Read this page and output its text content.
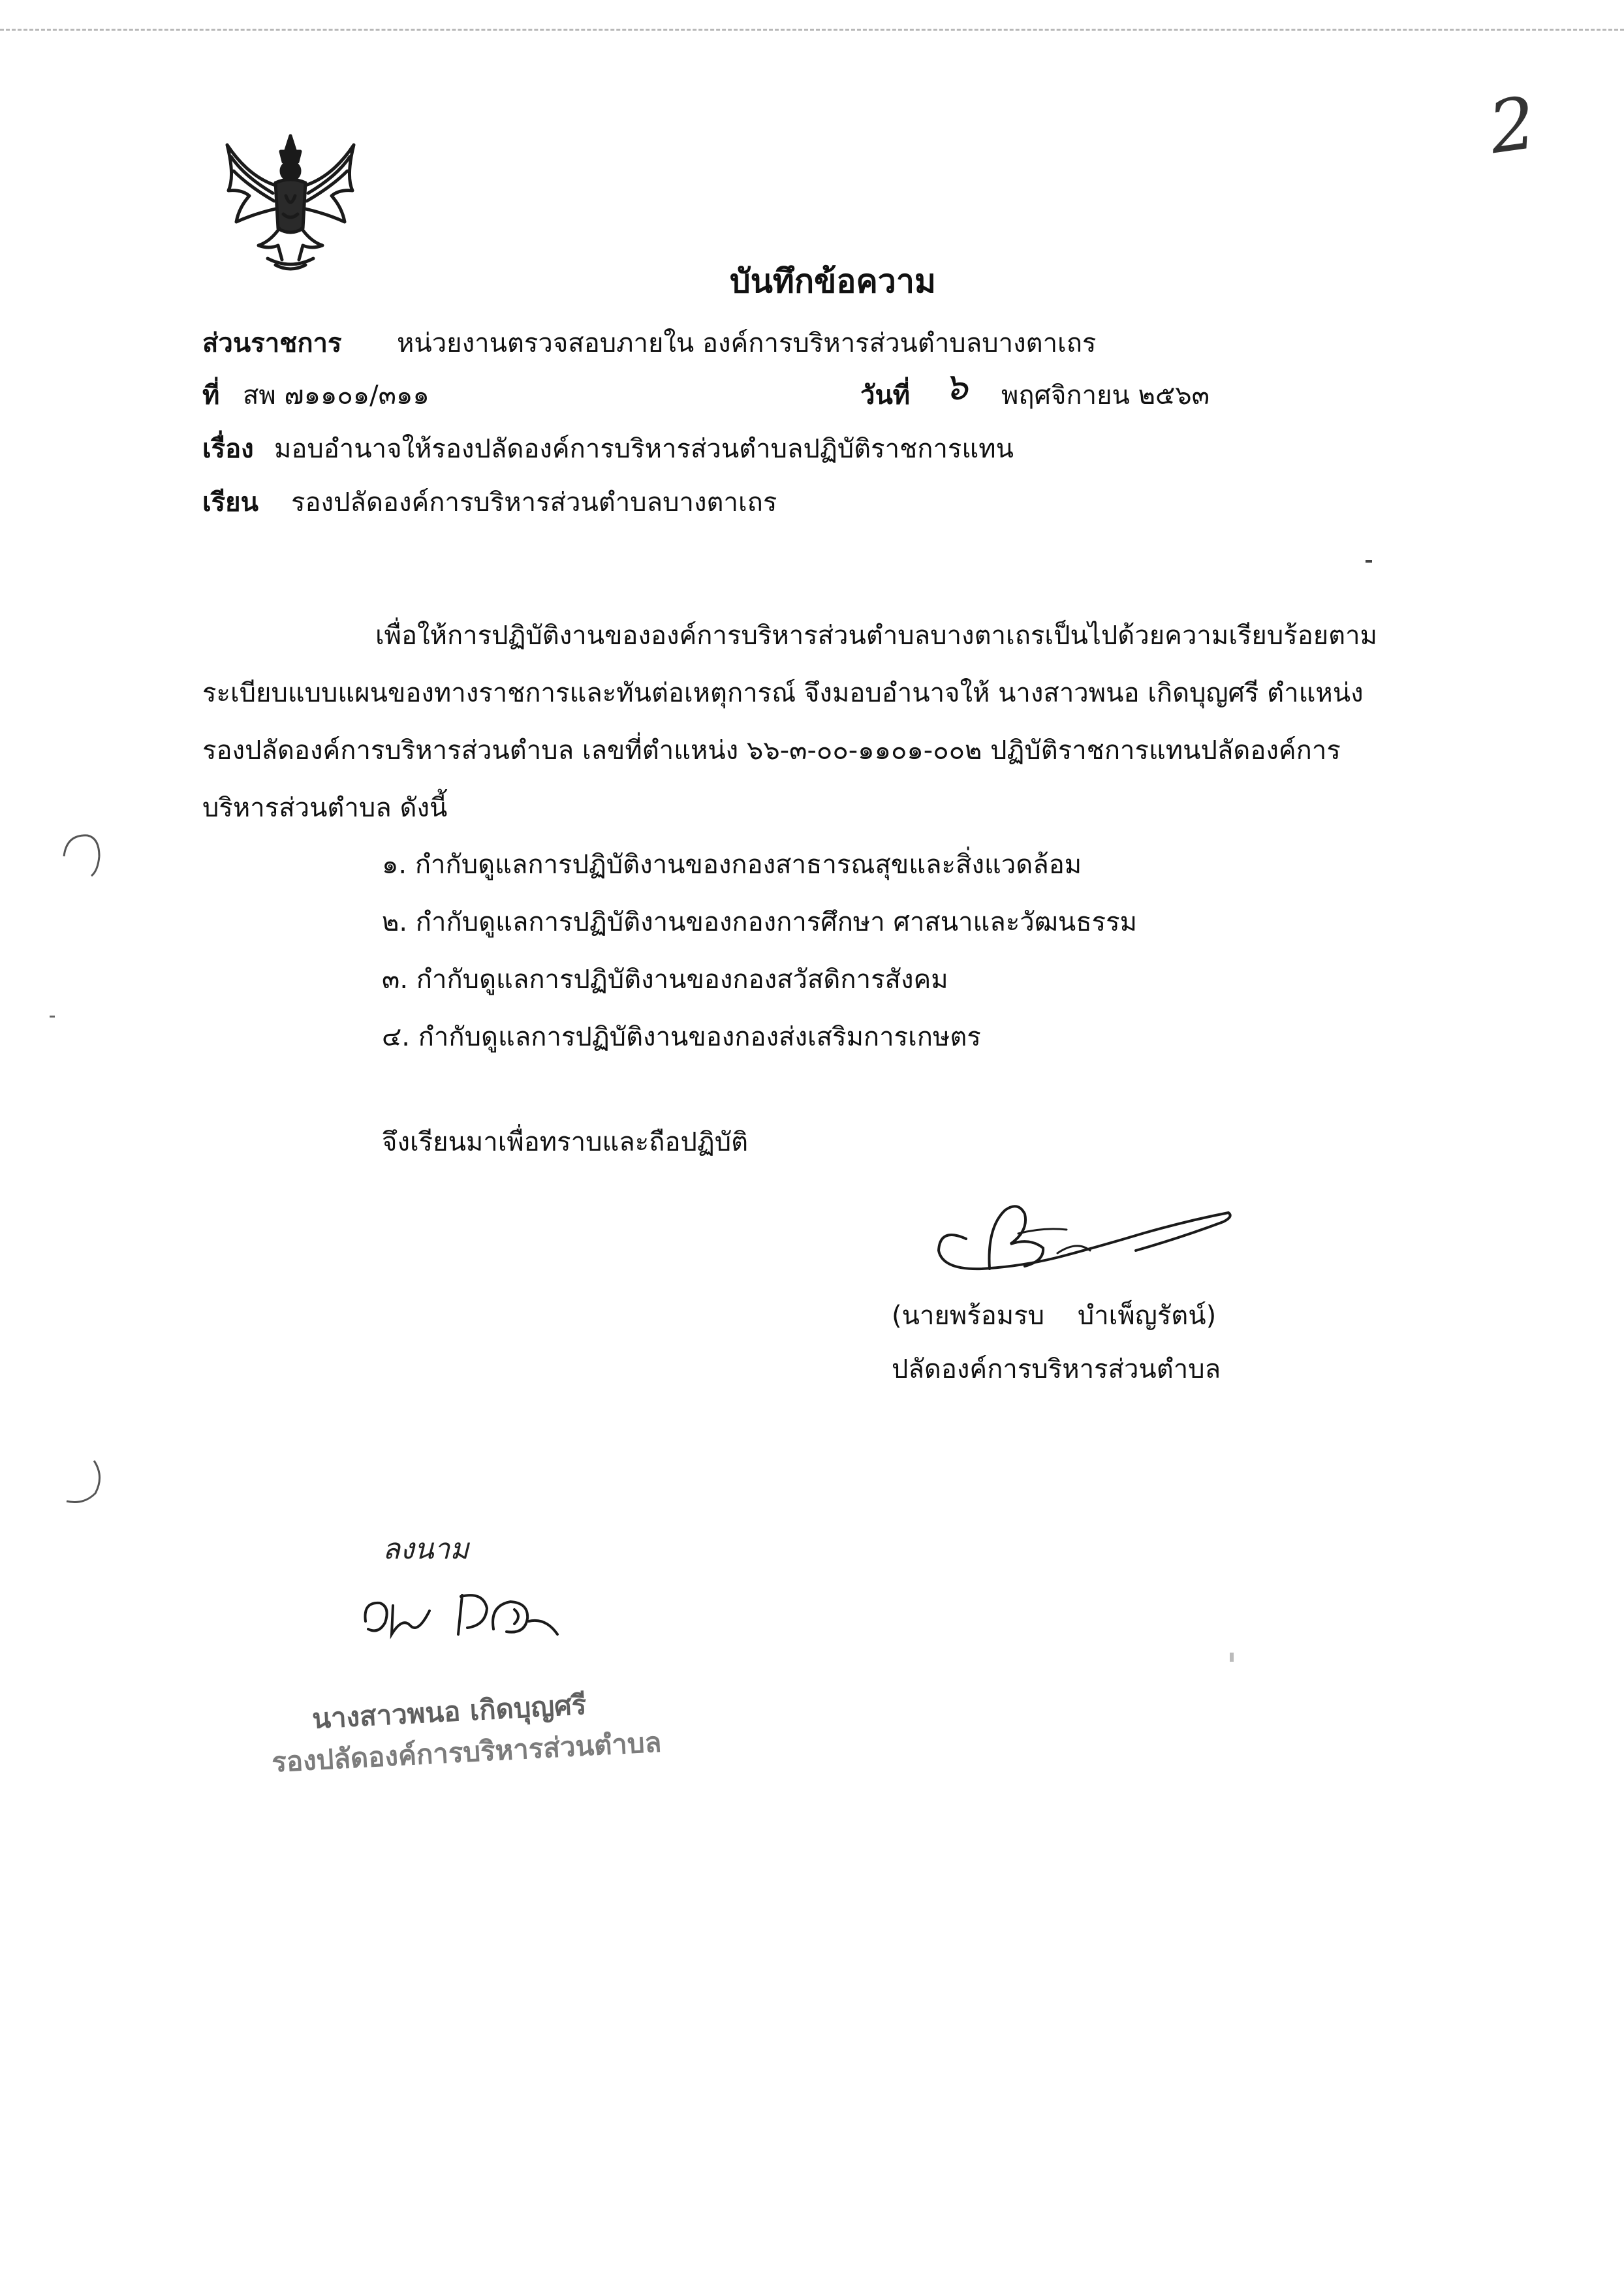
2
บันทึกข้อความ
ส่วนราชการ หน่วยงานตรวจสอบภายใน องค์การบริหารส่วนตำบลบางตาเถร
ที่ สพ ๗๑๑๐๑/๓๑๑	วันที่ ๖ พฤศจิกายน ๒๕๖๓
เรื่อง มอบอำนาจให้รองปลัดองค์การบริหารส่วนตำบลปฏิบัติราชการแทน
เรียน รองปลัดองค์การบริหารส่วนตำบลบางตาเถร
เพื่อให้การปฏิบัติงานขององค์การบริหารส่วนตำบลบางตาเถรเป็นไปด้วยความเรียบร้อยตาม
ระเบียบแบบแผนของทางราชการและทันต่อเหตุการณ์ จึงมอบอำนาจให้ นางสาวพนอ เกิดบุญศรี ตำแหน่ง
รองปลัดองค์การบริหารส่วนตำบล เลขที่ตำแหน่ง ๖๖-๓-๐๐-๑๑๐๑-๐๐๒ ปฏิบัติราชการแทนปลัดองค์การ
บริหารส่วนตำบล ดังนี้
๑. กำกับดูแลการปฏิบัติงานของกองสาธารณสุขและสิ่งแวดล้อม
๒. กำกับดูแลการปฏิบัติงานของกองการศึกษา ศาสนาและวัฒนธรรม
๓. กำกับดูแลการปฏิบัติงานของกองสวัสดิการสังคม
๔. กำกับดูแลการปฏิบัติงานของกองส่งเสริมการเกษตร
จึงเรียนมาเพื่อทราบและถือปฏิบัติ
(นายพร้อมรบ    บำเพ็ญรัตน์)
ปลัดองค์การบริหารส่วนตำบล
ลงนาม
นางสาวพนอ เกิดบุญศรี
รองปลัดองค์การบริหารส่วนตำบล
